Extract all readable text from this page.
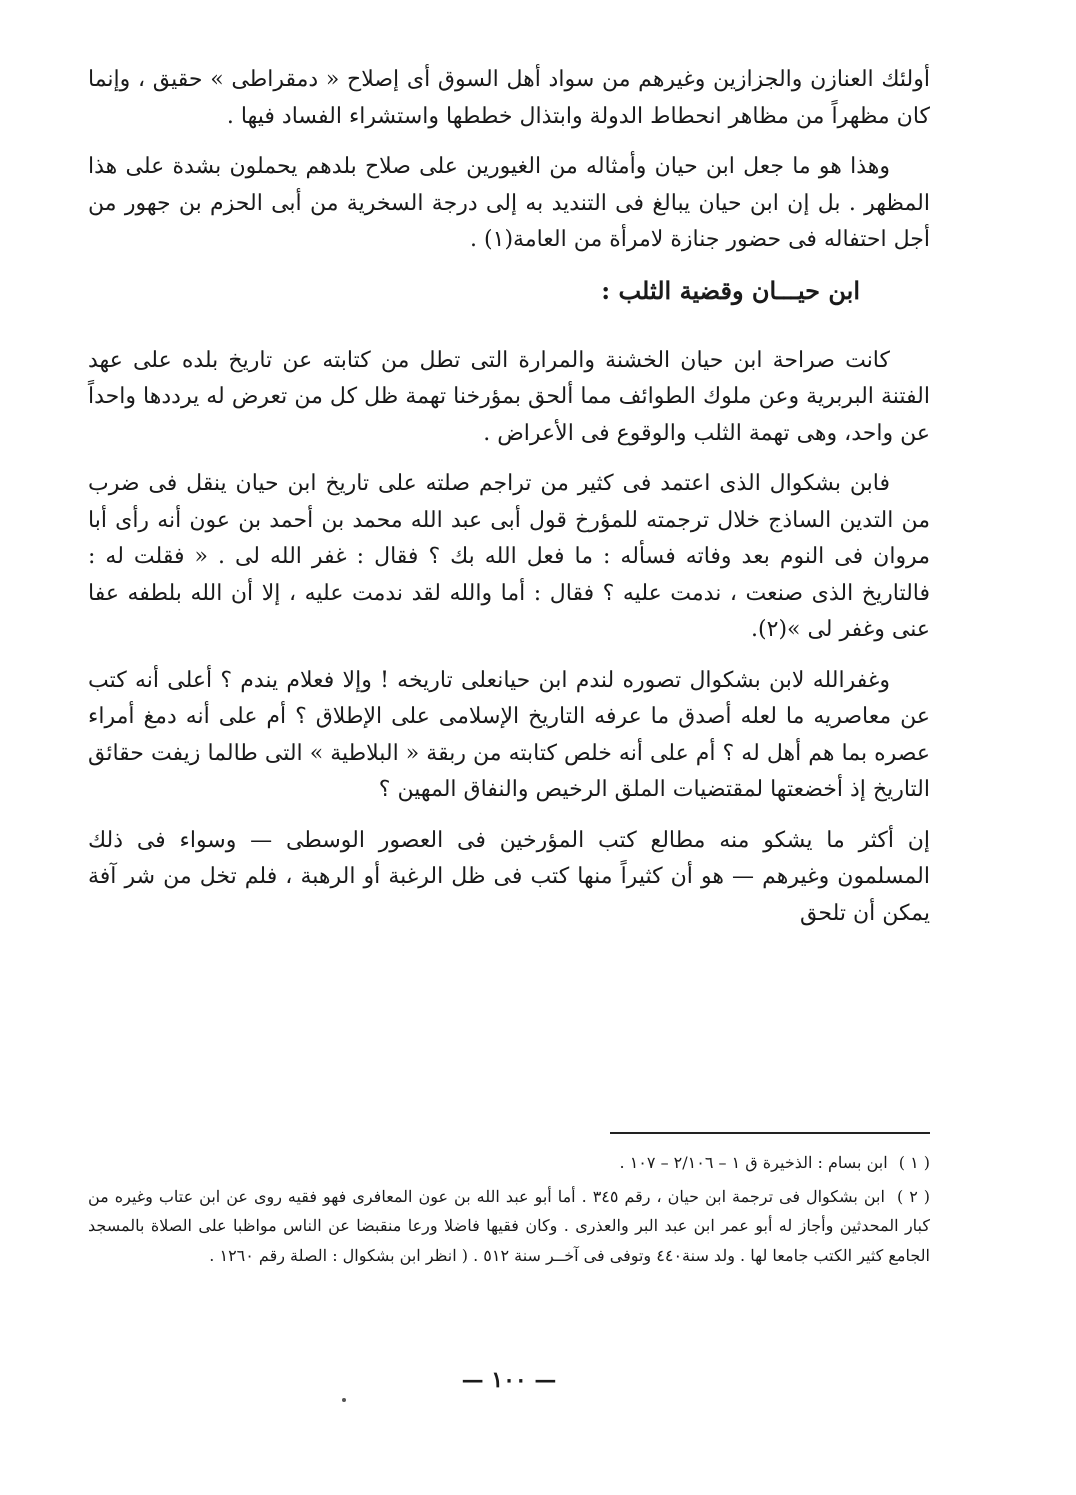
أولئك العنازن والجزازين وغيرهم من سواد أهل السوق أى إصلاح « دمقراطى » حقيق ، وإنما كان مظهراً من مظاهر انحطاط الدولة وابتذال خططها واستشراء الفساد فيها .

وهذا هو ما جعل ابن حيان وأمثاله من الغيورين على صلاح بلدهم يحملون بشدة على هذا المظهر . بل إن ابن حيان يبالغ فى التنديد به إلى درجة السخرية من أبى الحزم بن جهور من أجل احتفاله فى حضور جنازة لامرأة من العامة(١) .

ابن حيـــان وقضية الثلب :

كانت صراحة ابن حيان الخشنة والمرارة التى تطل من كتابته عن تاريخ بلده على عهد الفتنة البربرية وعن ملوك الطوائف مما ألحق بمؤرخنا تهمة ظل كل من تعرض له يرددها واحداً عن واحد، وهى تهمة الثلب والوقوع فى الأعراض .

فابن بشكوال الذى اعتمد فى كثير من تراجم صلته على تاريخ ابن حيان ينقل فى ضرب من التدين الساذج خلال ترجمته للمؤرخ قول أبى عبد الله محمد بن أحمد بن عون أنه رأى أبا مروان فى النوم بعد وفاته فسأله : ما فعل الله بك ؟ فقال : غفر الله لى . « فقلت له : فالتاريخ الذى صنعت ، ندمت عليه ؟ فقال : أما والله لقد ندمت عليه ، إلا أن الله بلطفه عفا عنى وغفر لى »(٢).

وغفرالله لابن بشكوال تصوره لندم ابن حيانعلى تاريخه ! وإلا فعلام يندم ؟ أعلى أنه كتب عن معاصريه ما لعله أصدق ما عرفه التاريخ الإسلامى على الإطلاق ؟ أم على أنه دمغ أمراء عصره بما هم أهل له ؟ أم على أنه خلص كتابته من ربقة « البلاطية » التى طالما زيفت حقائق التاريخ إذ أخضعتها لمقتضيات الملق الرخيص والنفاق المهين ؟

إن أكثر ما يشكو منه مطالع كتب المؤرخين فى العصور الوسطى — وسواء فى ذلك المسلمون وغيرهم — هو أن كثيراً منها كتب فى ظل الرغبة أو الرهبة ، فلم تخل من شر آفة يمكن أن تلحق

( ١ ) ابن بسام : الذخيرة ق ١ – ٢/١٠٦ – ١٠٧ .

( ٢ ) ابن بشكوال فى ترجمة ابن حيان ، رقم ٣٤٥ . أما أبو عبد الله بن عون المعافرى فهو فقيه روى عن ابن عتاب وغيره من كبار المحدثين وأجاز له أبو عمر ابن عبد البر والعذرى . وكان فقيها فاضلا ورعا منقبضا عن الناس مواظبا على الصلاة بالمسجد الجامع كثير الكتب جامعا لها . ولد سنة٤٤٠ وتوفى فى آخــر سنة ٥١٢ . ( انظر ابن بشكوال : الصلة رقم ١٢٦٠ .

— ١٠٠ —
